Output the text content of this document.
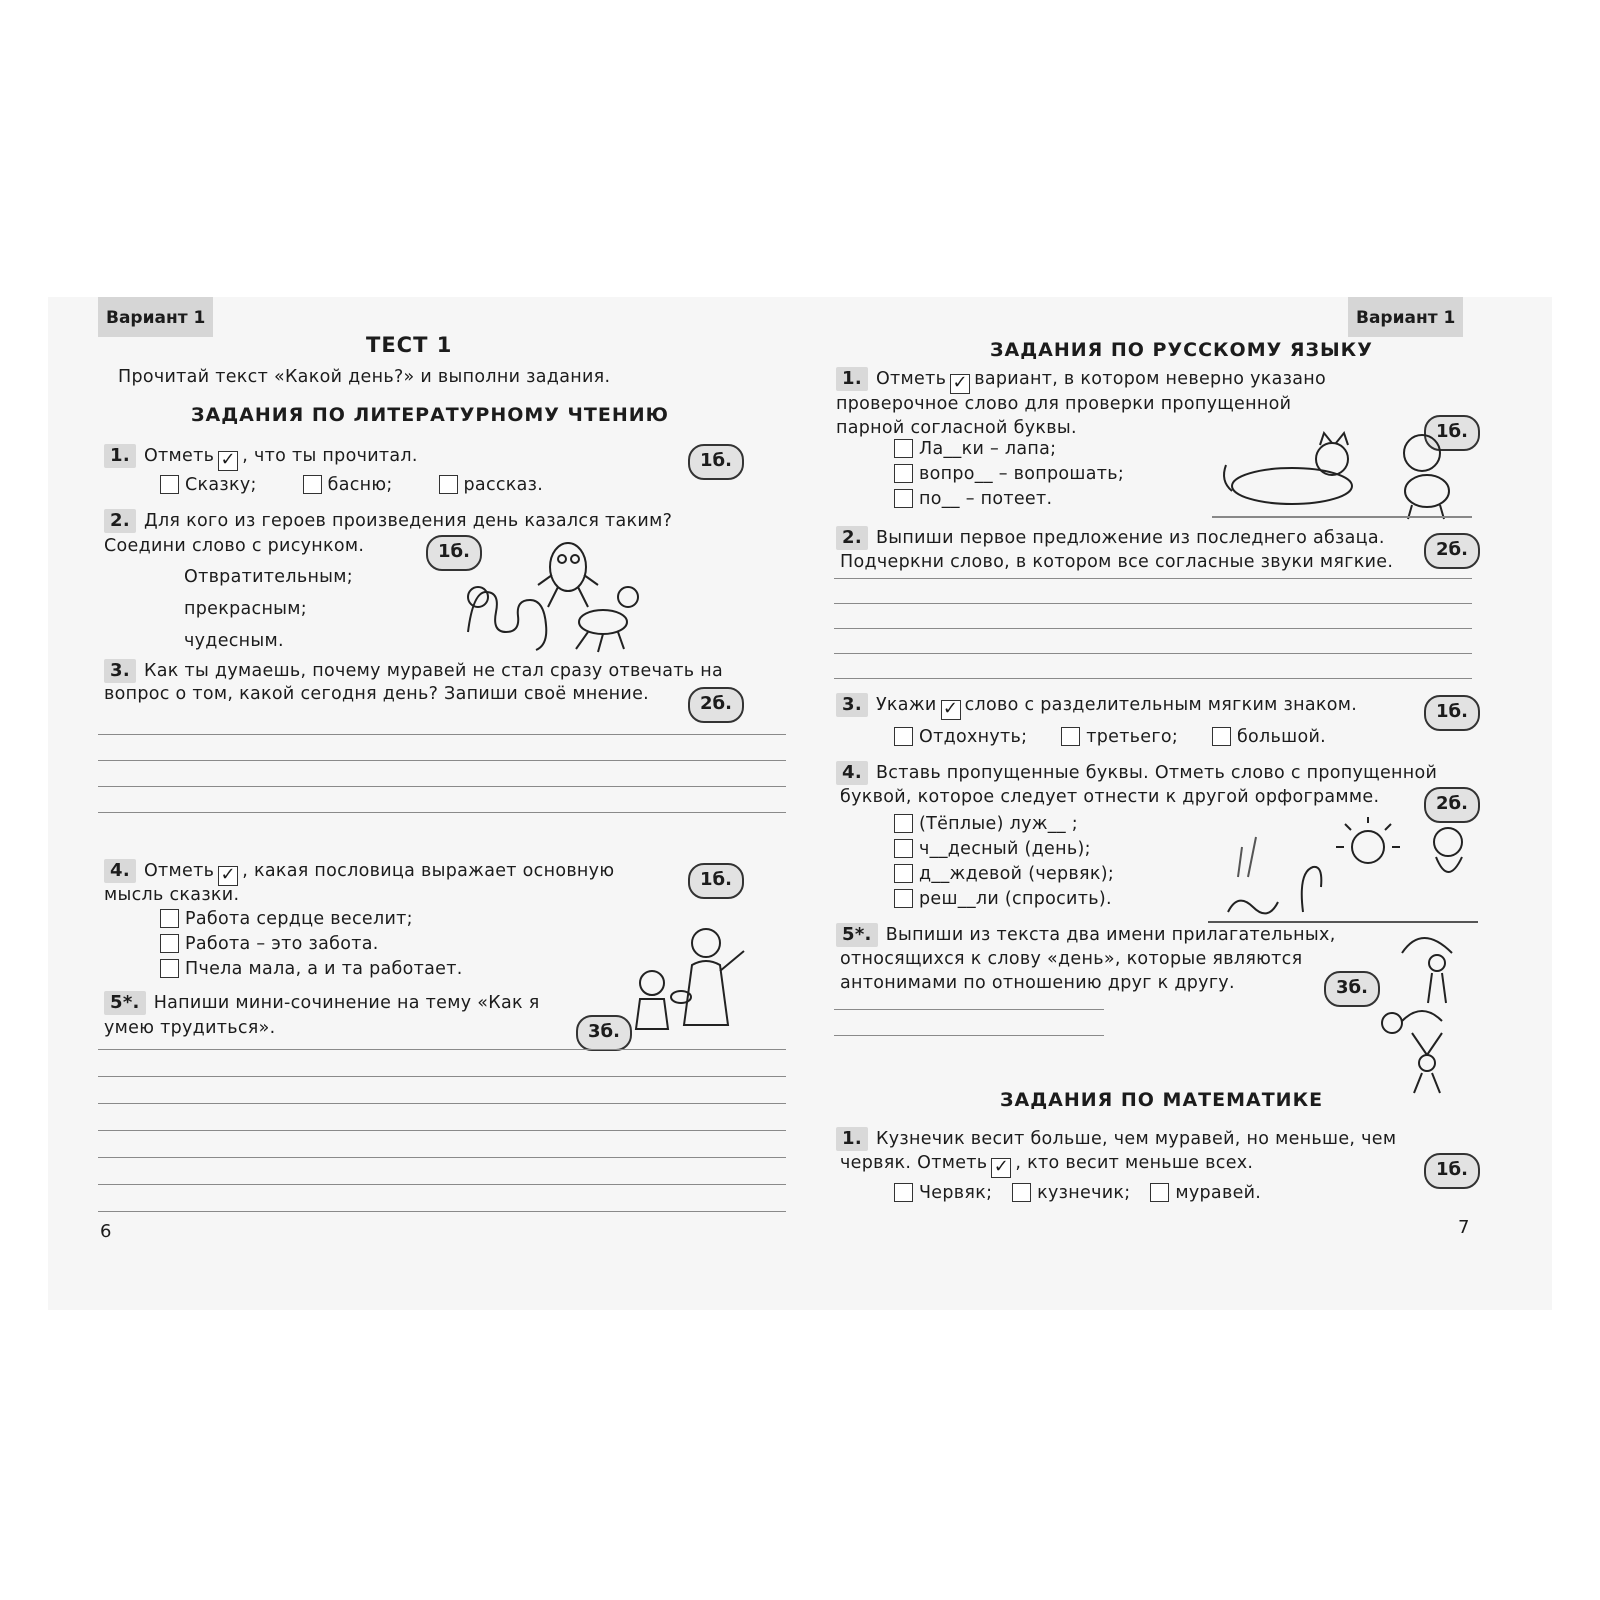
Вариант 1
ТЕСТ 1
Прочитай текст «Какой день?» и выполни задания.
ЗАДАНИЯ ПО ЛИТЕРАТУРНОМУ ЧТЕНИЮ
1. Отметь ✓ , что ты прочитал.	1б.
Сказку;	басню;	рассказ.
2. Для кого из героев произведения день казался таким?
Соедини слово с рисунком.	1б.
Отвратительным;
прекрасным;
чудесным.
3. Как ты думаешь, почему муравей не стал сразу отвечать на
вопрос о том, какой сегодня день? Запиши своё мнение.	2б.
4. Отметь ✓ , какая пословица выражает основную
мысль сказки.
1б.
Работа сердце веселит;
Работа – это забота.
Пчела мала, а и та работает.
5*. Напиши мини-сочинение на тему «Как я
умею трудиться».	3б.
6
Вариант 1
ЗАДАНИЯ ПО РУССКОМУ ЯЗЫКУ
1. Отметь ✓ вариант, в котором неверно указано
проверочное слово для проверки пропущенной
парной согласной буквы.	1б.
Ла__ки – лапа;
вопро__ – вопрошать;
по__ – потеет.
2. Выпиши первое предложение из последнего абзаца.
Подчеркни слово, в котором все согласные звуки мягкие.
2б.
3. Укажи ✓ слово с разделительным мягким знаком.	1б.
Отдохнуть;	третьего;	большой.
4. Вставь пропущенные буквы. Отметь слово с пропущенной
буквой, которое следует отнести к другой орфограмме.	2б.
(Тёплые) луж__ ;
ч__десный (день);
д__ждевой (червяк);
реш__ли (спросить).
5*. Выпиши из текста два имени прилагательных,
относящихся к слову «день», которые являются
антонимами по отношению друг к другу.	3б.
ЗАДАНИЯ ПО МАТЕМАТИКЕ
1. Кузнечик весит больше, чем муравей, но меньше, чем
червяк. Отметь ✓ , кто весит меньше всех.	1б.
Червяк;	кузнечик;	муравей.
7
